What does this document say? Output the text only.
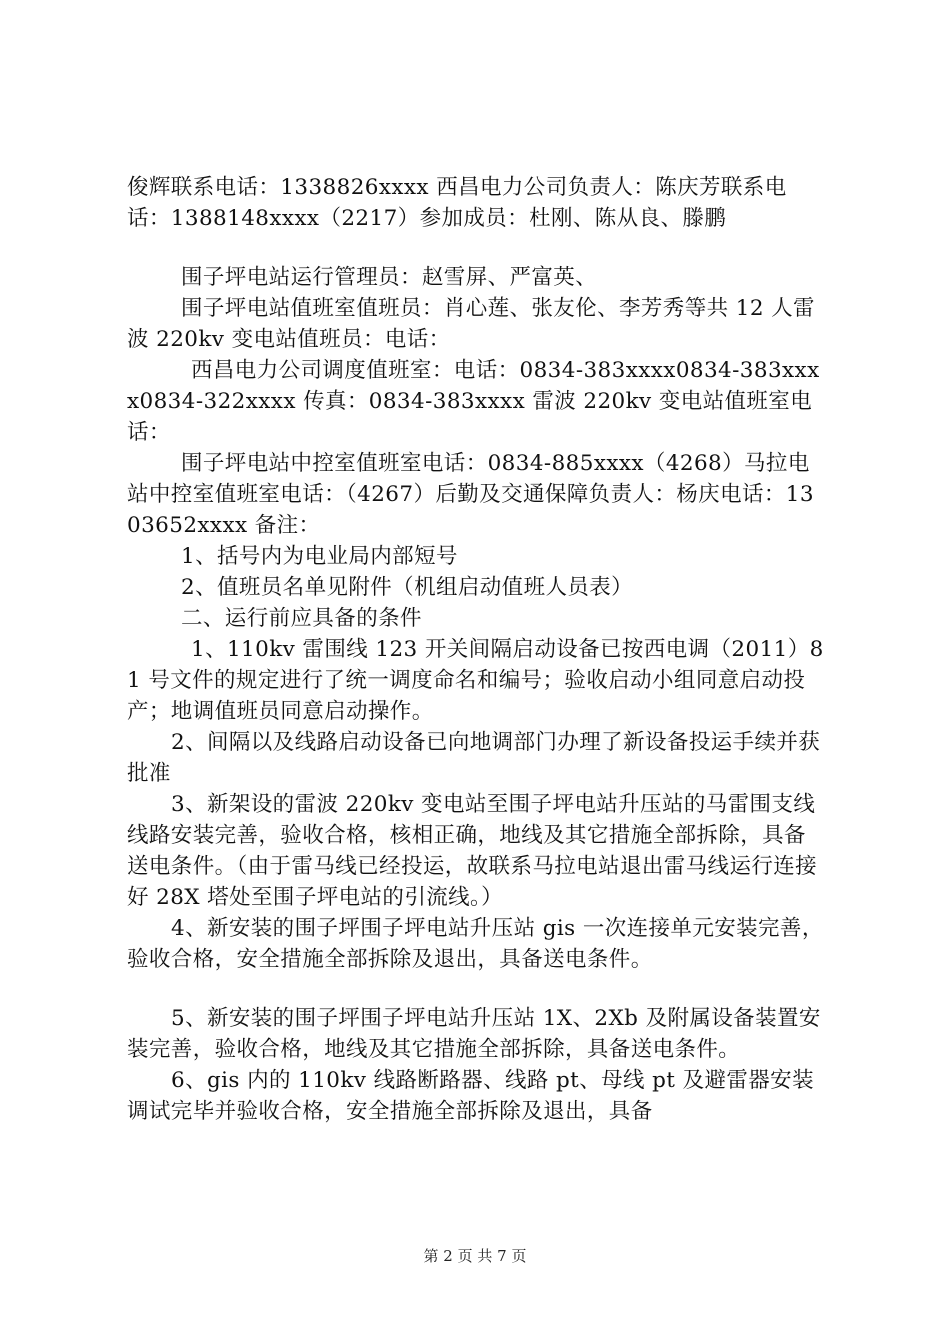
俊辉联系电话：1338826xxxx 西昌电力公司负责人：陈庆芳联系电话：1388148xxxx（2217）参加成员：杜刚、陈从良、滕鹏

围子坪电站运行管理员：赵雪屏、严富英、

围子坪电站值班室值班员：肖心莲、张友伦、李芳秀等共 12 人雷波 220kv 变电站值班员：电话：

西昌电力公司调度值班室：电话：0834-383xxxx0834-383xxxx0834-322xxxx 传真：0834-383xxxx 雷波 220kv 变电站值班室电话：

围子坪电站中控室值班室电话：0834-885xxxx（4268）马拉电站中控室值班室电话：（4267）后勤及交通保障负责人：杨庆电话：1303652xxxx 备注：

1、括号内为电业局内部短号

2、值班员名单见附件（机组启动值班人员表）

二、运行前应具备的条件

1、110kv 雷围线 123 开关间隔启动设备已按西电调（2011）81 号文件的规定进行了统一调度命名和编号；验收启动小组同意启动投产；地调值班员同意启动操作。

2、间隔以及线路启动设备已向地调部门办理了新设备投运手续并获批准

3、新架设的雷波 220kv 变电站至围子坪电站升压站的马雷围支线线路安装完善，验收合格，核相正确，地线及其它措施全部拆除，具备送电条件。（由于雷马线已经投运，故联系马拉电站退出雷马线运行连接好 28X 塔处至围子坪电站的引流线。）

4、新安装的围子坪围子坪电站升压站 gis 一次连接单元安装完善，验收合格，安全措施全部拆除及退出，具备送电条件。

5、新安装的围子坪围子坪电站升压站 1X、2Xb 及附属设备装置安装完善，验收合格，地线及其它措施全部拆除，具备送电条件。

6、gis 内的 110kv 线路断路器、线路 pt、母线 pt 及避雷器安装调试完毕并验收合格，安全措施全部拆除及退出，具备

第 2 页 共 7 页
